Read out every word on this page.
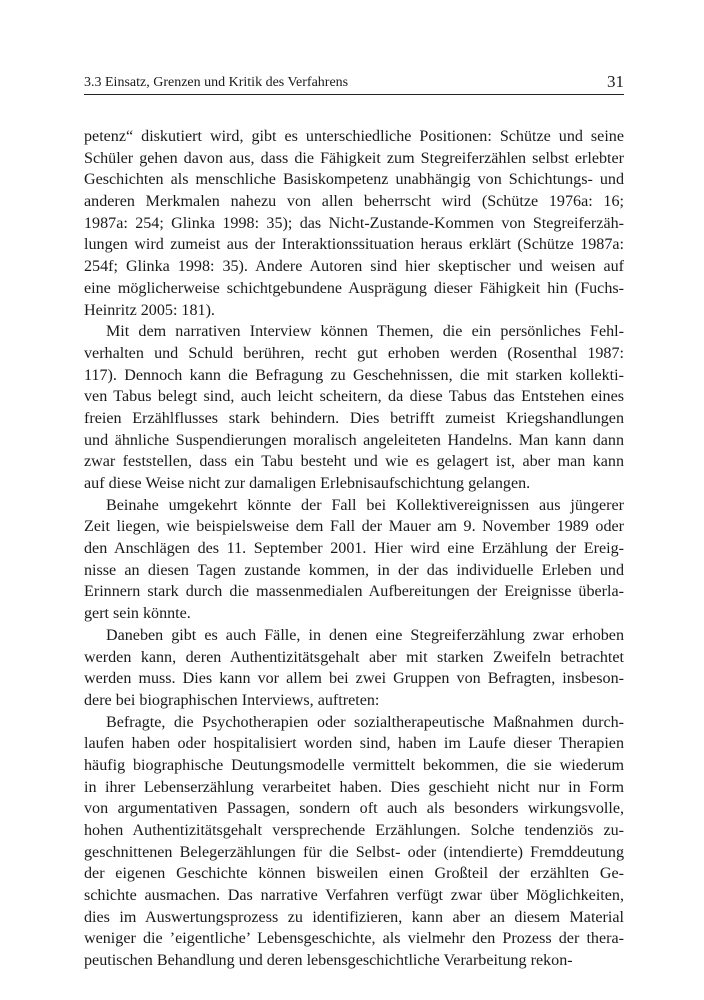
3.3 Einsatz, Grenzen und Kritik des Verfahrens	31
petenz“ diskutiert wird, gibt es unterschiedliche Positionen: Schütze und seine
Schüler gehen davon aus, dass die Fähigkeit zum Stegreiferzählen selbst erlebter
Geschichten als menschliche Basiskompetenz unabhängig von Schichtungs- und
anderen Merkmalen nahezu von allen beherrscht wird (Schütze 1976a: 16;
1987a: 254; Glinka 1998: 35); das Nicht-Zustande-Kommen von Stegreiferzäh-
lungen wird zumeist aus der Interaktionssituation heraus erklärt (Schütze 1987a:
254f; Glinka 1998: 35). Andere Autoren sind hier skeptischer und weisen auf
eine möglicherweise schichtgebundene Ausprägung dieser Fähigkeit hin (Fuchs-
Heinritz 2005: 181).
Mit dem narrativen Interview können Themen, die ein persönliches Fehl-
verhalten und Schuld berühren, recht gut erhoben werden (Rosenthal 1987:
117). Dennoch kann die Befragung zu Geschehnissen, die mit starken kollekti-
ven Tabus belegt sind, auch leicht scheitern, da diese Tabus das Entstehen eines
freien Erzählflusses stark behindern. Dies betrifft zumeist Kriegshandlungen
und ähnliche Suspendierungen moralisch angeleiteten Handelns. Man kann dann
zwar feststellen, dass ein Tabu besteht und wie es gelagert ist, aber man kann
auf diese Weise nicht zur damaligen Erlebnisaufschichtung gelangen.
Beinahe umgekehrt könnte der Fall bei Kollektivereignissen aus jüngerer
Zeit liegen, wie beispielsweise dem Fall der Mauer am 9. November 1989 oder
den Anschlägen des 11. September 2001. Hier wird eine Erzählung der Ereig-
nisse an diesen Tagen zustande kommen, in der das individuelle Erleben und
Erinnern stark durch die massenmedialen Aufbereitungen der Ereignisse überla-
gert sein könnte.
Daneben gibt es auch Fälle, in denen eine Stegreiferzählung zwar erhoben
werden kann, deren Authentizitätsgehalt aber mit starken Zweifeln betrachtet
werden muss. Dies kann vor allem bei zwei Gruppen von Befragten, insbeson-
dere bei biographischen Interviews, auftreten:
Befragte, die Psychotherapien oder sozialtherapeutische Maßnahmen durch-
laufen haben oder hospitalisiert worden sind, haben im Laufe dieser Therapien
häufig biographische Deutungsmodelle vermittelt bekommen, die sie wiederum
in ihrer Lebenserzählung verarbeitet haben. Dies geschieht nicht nur in Form
von argumentativen Passagen, sondern oft auch als besonders wirkungsvolle,
hohen Authentizitätsgehalt versprechende Erzählungen. Solche tendenziös zu-
geschnittenen Belegerzählungen für die Selbst- oder (intendierte) Fremddeutung
der eigenen Geschichte können bisweilen einen Großteil der erzählten Ge-
schichte ausmachen. Das narrative Verfahren verfügt zwar über Möglichkeiten,
dies im Auswertungsprozess zu identifizieren, kann aber an diesem Material
weniger die ’eigentliche’ Lebensgeschichte, als vielmehr den Prozess der thera-
peutischen Behandlung und deren lebensgeschichtliche Verarbeitung rekon-
